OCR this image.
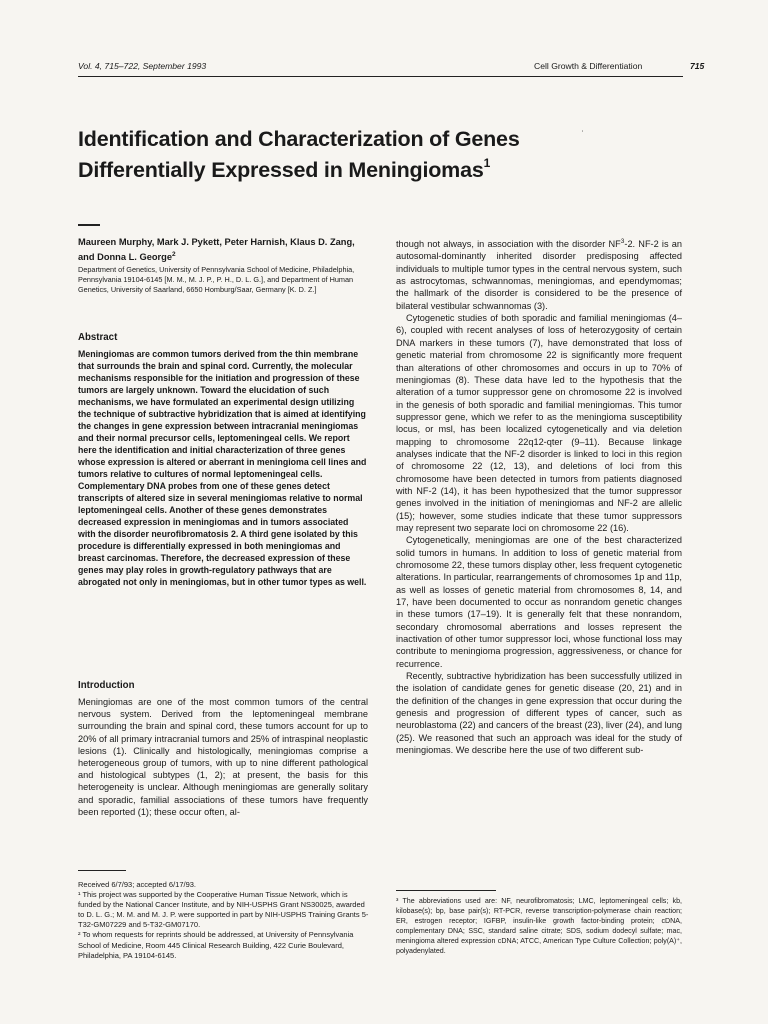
Vol. 4, 715–722, September 1993	Cell Growth & Differentiation	715
Identification and Characterization of Genes Differentially Expressed in Meningiomas$^1$
’
Maureen Murphy, Mark J. Pykett, Peter Harnish, Klaus D. Zang, and Donna L. George$^2$
Department of Genetics, University of Pennsylvania School of Medicine, Philadelphia, Pennsylvania 19104-6145 [M. M., M. J. P., P. H., D. L. G.], and Department of Human Genetics, University of Saarland, 6650 Homburg/Saar, Germany [K. D. Z.]
Abstract
Meningiomas are common tumors derived from the thin membrane that surrounds the brain and spinal cord. Currently, the molecular mechanisms responsible for the initiation and progression of these tumors are largely unknown. Toward the elucidation of such mechanisms, we have formulated an experimental design utilizing the technique of subtractive hybridization that is aimed at identifying the changes in gene expression between intracranial meningiomas and their normal precursor cells, leptomeningeal cells. We report here the identification and initial characterization of three genes whose expression is altered or aberrant in meningioma cell lines and tumors relative to cultures of normal leptomeningeal cells. Complementary DNA probes from one of these genes detect transcripts of altered size in several meningiomas relative to normal leptomeningeal cells. Another of these genes demonstrates decreased expression in meningiomas and in tumors associated with the disorder neurofibromatosis 2. A third gene isolated by this procedure is differentially expressed in both meningiomas and breast carcinomas. Therefore, the decreased expression of these genes may play roles in growth-regulatory pathways that are abrogated not only in meningiomas, but in other tumor types as well.
Introduction
Meningiomas are one of the most common tumors of the central nervous system. Derived from the leptomeningeal membrane surrounding the brain and spinal cord, these tumors account for up to 20% of all primary intracranial tumors and 25% of intraspinal neoplastic lesions (1). Clinically and histologically, meningiomas comprise a heterogeneous group of tumors, with up to nine different pathological and histological subtypes (1, 2); at present, the basis for this heterogeneity is unclear. Although meningiomas are generally solitary and sporadic, familial associations of these tumors have frequently been reported (1); these occur often, al-

though not always, in association with the disorder $NF^3-2$. NF-2 is an autosomal-dominantly inherited disorder predisposing affected individuals to multiple tumor types in the central nervous system, such as astrocytomas, schwannomas, meningiomas, and ependymomas; the hallmark of the disorder is considered to be the presence of bilateral vestibular schwannomas (3).

Cytogenetic studies of both sporadic and familial meningiomas (4–6), coupled with recent analyses of loss of heterozygosity of certain DNA markers in these tumors (7), have demonstrated that loss of genetic material from chromosome 22 is significantly more frequent than alterations of other chromosomes and occurs in up to 70% of meningiomas (8). These data have led to the hypothesis that the alteration of a tumor suppressor gene on chromosome 22 is involved in the genesis of both sporadic and familial meningiomas. This tumor suppressor gene, which we refer to as the meningioma susceptibility locus, or msl, has been localized cytogenetically and via deletion mapping to chromosome 22q12-qter (9–11). Because linkage analyses indicate that the NF-2 disorder is linked to loci in this region of chromosome 22 (12, 13), and deletions of loci from this chromosome have been detected in tumors from patients diagnosed with NF-2 (14), it has been hypothesized that the tumor suppressor genes involved in the initiation of meningiomas and NF-2 are allelic (15); however, some studies indicate that these tumor suppressors may represent two separate loci on chromosome 22 (16).

Cytogenetically, meningiomas are one of the best characterized solid tumors in humans. In addition to loss of genetic material from chromosome 22, these tumors display other, less frequent cytogenetic alterations. In particular, rearrangements of chromosomes 1p and 11p, as well as losses of genetic material from chromosomes 8, 14, and 17, have been documented to occur as nonrandom genetic changes in these tumors (17–19). It is generally felt that these nonrandom, secondary chromosomal aberrations and losses represent the inactivation of other tumor suppressor loci, whose functional loss may contribute to meningioma progression, aggressiveness, or chance for recurrence.

Recently, subtractive hybridization has been successfully utilized in the isolation of candidate genes for genetic disease (20, 21) and in the definition of the changes in gene expression that occur during the genesis and progression of different types of cancer, such as neuroblastoma (22) and cancers of the breast (23), liver (24), and lung (25). We reasoned that such an approach was ideal for the study of meningiomas. We describe here the use of two different sub-

Received 6/7/93; accepted 6/17/93.
¹ This project was supported by the Cooperative Human Tissue Network, which is funded by the National Cancer Institute, and by NIH-USPHS Grant NS30025, awarded to D. L. G.; M. M. and M. J. P. were supported in part by NIH-USPHS Training Grants 5-T32-GM07229 and 5-T32-GM07170.
² To whom requests for reprints should be addressed, at University of Pennsylvania School of Medicine, Room 445 Clinical Research Building, 422 Curie Boulevard, Philadelphia, PA 19104-6145.
³ The abbreviations used are: NF, neurofibromatosis; LMC, leptomeningeal cells; kb, kilobase(s); bp, base pair(s); RT-PCR, reverse transcription-polymerase chain reaction; ER, estrogen receptor; IGFBP, insulin-like growth factor-binding protein; cDNA, complementary DNA; SSC, standard saline citrate; SDS, sodium dodecyl sulfate; mac, meningioma altered expression cDNA; ATCC, American Type Culture Collection; poly(A)⁺, polyadenylated.
